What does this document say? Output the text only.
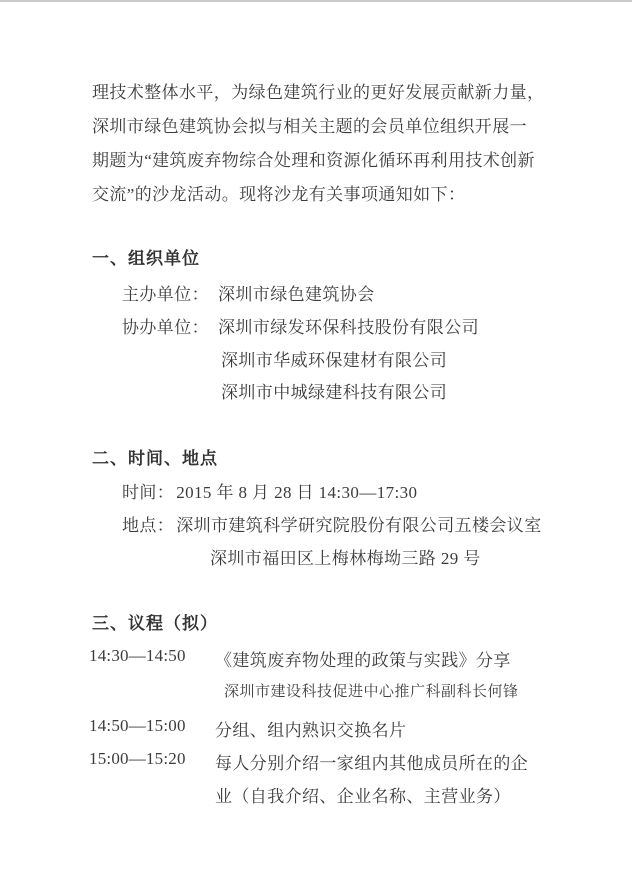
理技术整体水平，为绿色建筑行业的更好发展贡献新力量，
深圳市绿色建筑协会拟与相关主题的会员单位组织开展一
期题为“建筑废弃物综合处理和资源化循环再利用技术创新
交流”的沙龙活动。现将沙龙有关事项通知如下：
一、组织单位
主办单位： 深圳市绿色建筑协会
协办单位： 深圳市绿发环保科技股份有限公司
深圳市华威环保建材有限公司
深圳市中城绿建科技有限公司
二、时间、地点
时间： 2015 年 8 月 28 日 14:30—17:30
地点： 深圳市建筑科学研究院股份有限公司五楼会议室
深圳市福田区上梅林梅坳三路 29 号
三、议程（拟）
14:30—14:50 《建筑废弃物处理的政策与实践》分享
深圳市建设科技促进中心推广科副科长何锋
14:50—15:00 分组、组内熟识交换名片
15:00—15:20 每人分别介绍一家组内其他成员所在的企
业（自我介绍、企业名称、主营业务）
